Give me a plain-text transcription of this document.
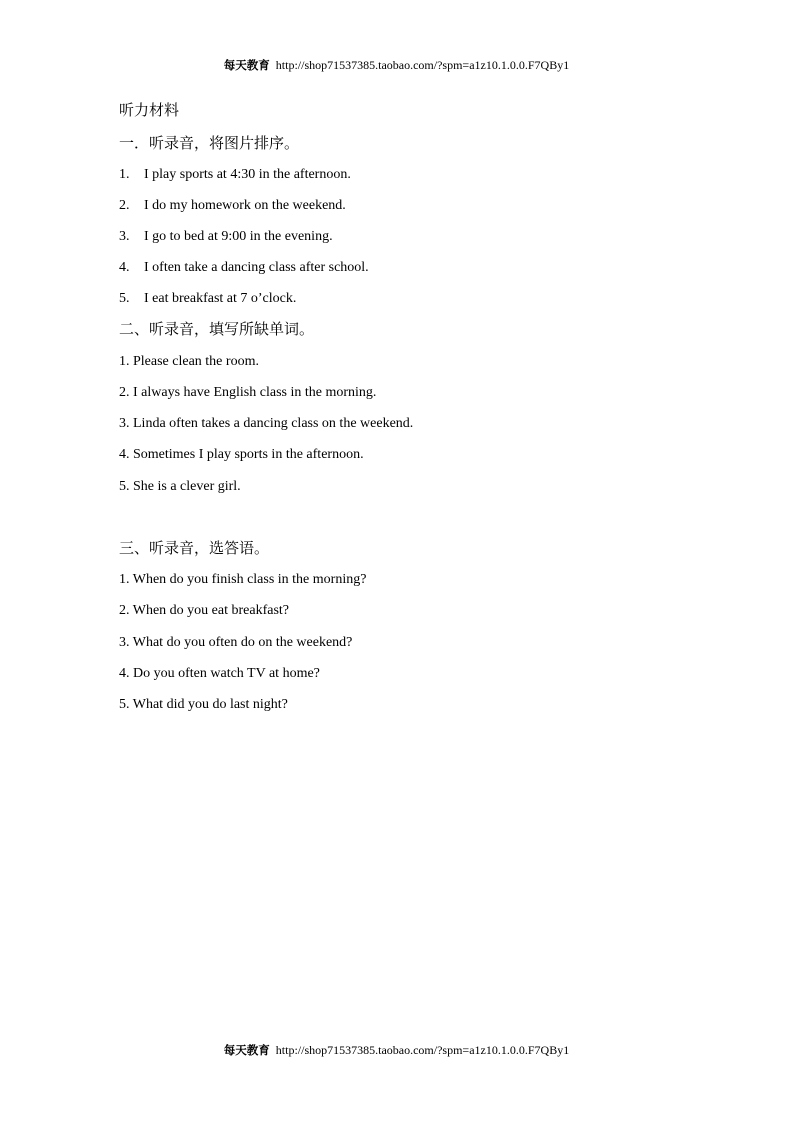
每天教育 http://shop71537385.taobao.com/?spm=a1z10.1.0.0.F7QBy1
听力材料
一．听录音，将图片排序。
1. I play sports at 4:30 in the afternoon.
2. I do my homework on the weekend.
3. I go to bed at 9:00 in the evening.
4. I often take a dancing class after school.
5. I eat breakfast at 7 o’clock.
二、听录音，填写所缺单词。
1. Please clean the room.
2. I always have English class in the morning.
3. Linda often takes a dancing class on the weekend.
4. Sometimes I play sports in the afternoon.
5. She is a clever girl.
三、听录音，选答语。
1. When do you finish class in the morning?
2. When do you eat breakfast?
3. What do you often do on the weekend?
4. Do you often watch TV at home?
5. What did you do last night?
每天教育 http://shop71537385.taobao.com/?spm=a1z10.1.0.0.F7QBy1
